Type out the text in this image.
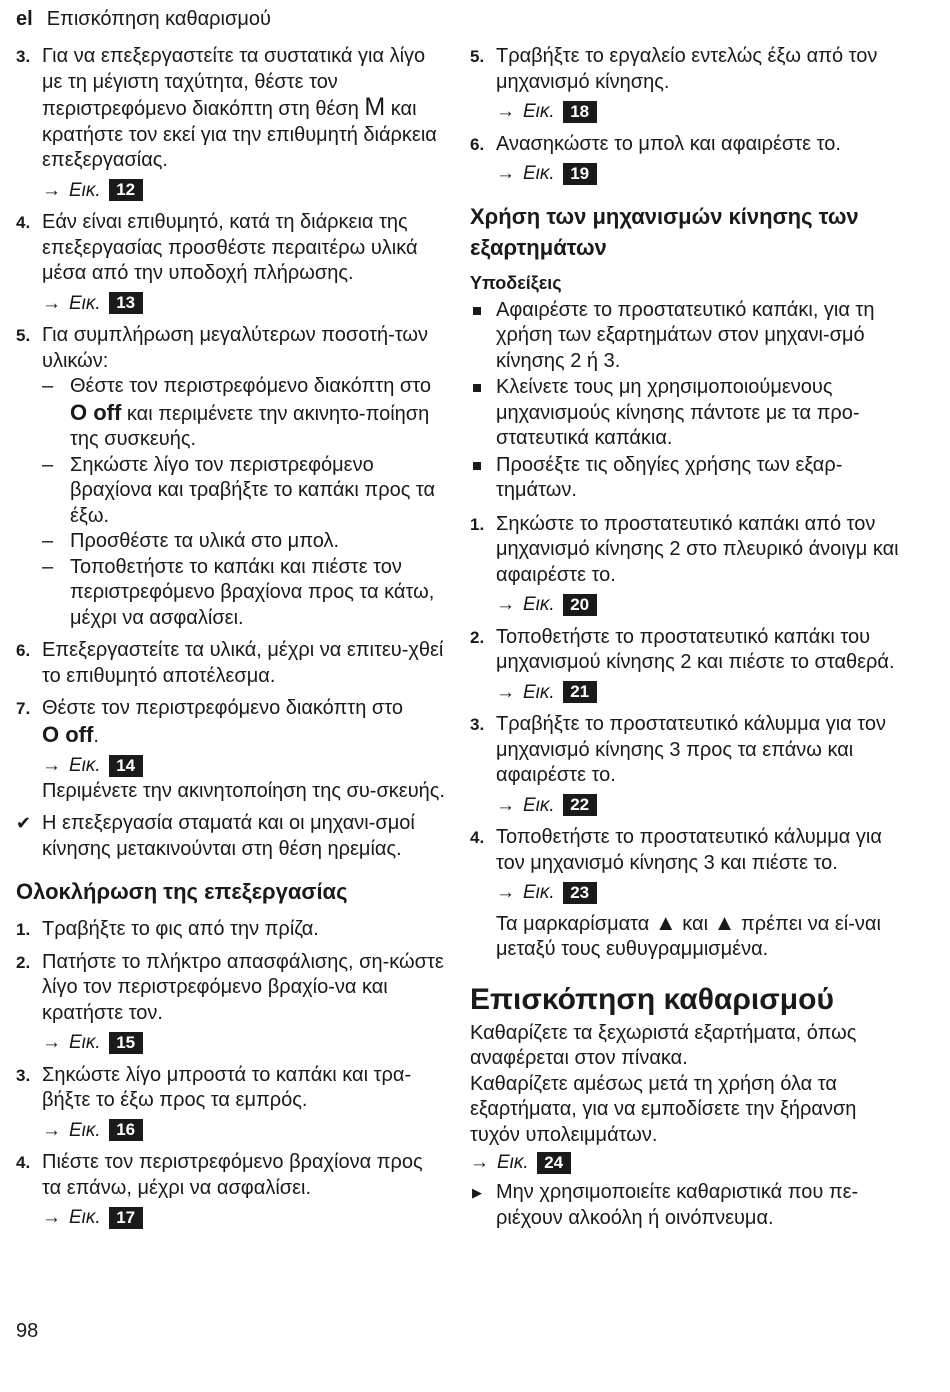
el Επισκόπηση καθαρισμού
3. Για να επεξεργαστείτε τα συστατικά για λίγο με τη μέγιστη ταχύτητα, θέστε τον περιστρεφόμενο διακόπτη στη θέση M και κρατήστε τον εκεί για την επιθυμητή διάρκεια επεξεργασίας.
→ Εικ. 12
4. Εάν είναι επιθυμητό, κατά τη διάρκεια της επεξεργασίας προσθέστε περαιτέρω υλικά μέσα από την υποδοχή πλήρωσης.
→ Εικ. 13
5. Για συμπλήρωση μεγαλύτερων ποσοτή-των υλικών:
– Θέστε τον περιστρεφόμενο διακόπτη στο O off και περιμένετε την ακινητο-ποίηση της συσκευής.
– Σηκώστε λίγο τον περιστρεφόμενο βραχίονα και τραβήξτε το καπάκι προς τα έξω.
– Προσθέστε τα υλικά στο μπολ.
– Τοποθετήστε το καπάκι και πιέστε τον περιστρεφόμενο βραχίονα προς τα κάτω, μέχρι να ασφαλίσει.
6. Επεξεργαστείτε τα υλικά, μέχρι να επιτευ-χθεί το επιθυμητό αποτέλεσμα.
7. Θέστε τον περιστρεφόμενο διακόπτη στο
O off.
→ Εικ. 14
Περιμένετε την ακινητοποίηση της συ-σκευής.
✔ Η επεξεργασία σταματά και οι μηχανι-σμοί κίνησης μετακινούνται στη θέση ηρεμίας.
Ολοκλήρωση της επεξεργασίας
1. Τραβήξτε το φις από την πρίζα.
2. Πατήστε το πλήκτρο απασφάλισης, ση-κώστε λίγο τον περιστρεφόμενο βραχίο-να και κρατήστε τον.
→ Εικ. 15
3. Σηκώστε λίγο μπροστά το καπάκι και τρα-βήξτε το έξω προς τα εμπρός.
→ Εικ. 16
4. Πιέστε τον περιστρεφόμενο βραχίονα προς τα επάνω, μέχρι να ασφαλίσει.
→ Εικ. 17
5. Τραβήξτε το εργαλείο εντελώς έξω από τον μηχανισμό κίνησης.
→ Εικ. 18
6. Ανασηκώστε το μπολ και αφαιρέστε το.
→ Εικ. 19
Χρήση των μηχανισμών κίνησης των εξαρτημάτων
Υποδείξεις
Αφαιρέστε το προστατευτικό καπάκι, για τη χρήση των εξαρτημάτων στον μηχανι-σμό κίνησης 2 ή 3.
Κλείνετε τους μη χρησιμοποιούμενους μηχανισμούς κίνησης πάντοτε με τα προ-στατευτικά καπάκια.
Προσέξτε τις οδηγίες χρήσης των εξαρ-τημάτων.
1. Σηκώστε το προστατευτικό καπάκι από τον μηχανισμό κίνησης 2 στο πλευρικό άνοιγμ και αφαιρέστε το.
→ Εικ. 20
2. Τοποθετήστε το προστατευτικό καπάκι του μηχανισμού κίνησης 2 και πιέστε το σταθερά.
→ Εικ. 21
3. Τραβήξτε το προστατευτικό κάλυμμα για τον μηχανισμό κίνησης 3 προς τα επάνω και αφαιρέστε το.
→ Εικ. 22
4. Τοποθετήστε το προστατευτικό κάλυμμα για τον μηχανισμό κίνησης 3 και πιέστε το.
→ Εικ. 23
Τα μαρκαρίσματα ▲ και ▲ πρέπει να εί-ναι μεταξύ τους ευθυγραμμισμένα.
Επισκόπηση καθαρισμού
Καθαρίζετε τα ξεχωριστά εξαρτήματα, όπως αναφέρεται στον πίνακα.
Καθαρίζετε αμέσως μετά τη χρήση όλα τα εξαρτήματα, για να εμποδίσετε την ξήρανση τυχόν υπολειμμάτων.
→ Εικ. 24
▶ Μην χρησιμοποιείτε καθαριστικά που πε-ριέχουν αλκοόλη ή οινόπνευμα.
98
